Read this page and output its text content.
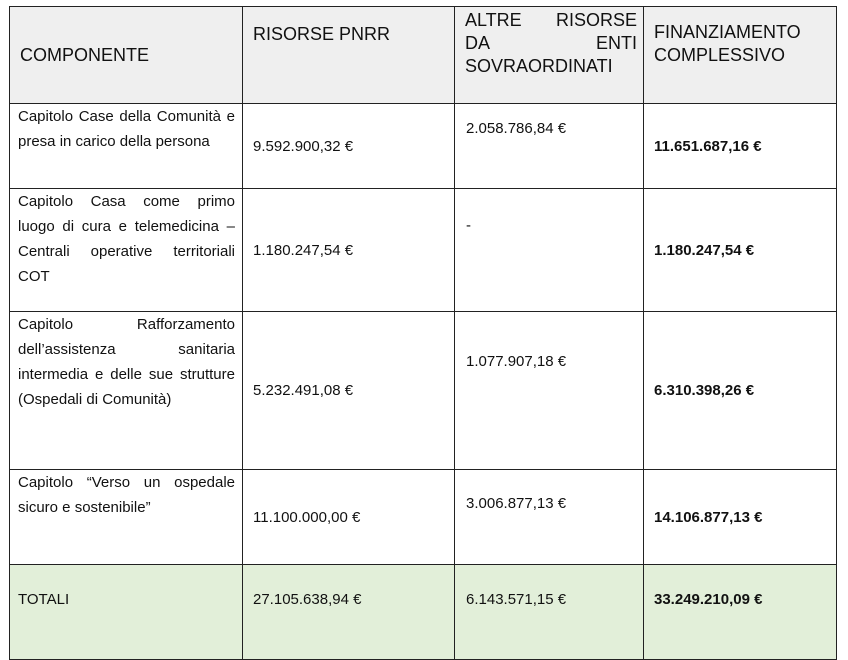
COMPONENTE	RISORSE PNRR	ALTRE RISORSE DA ENTI SOVRAORDINATI	FINANZIAMENTO COMPLESSIVO
Capitolo Case della Comunità e presa in carico della persona	9.592.900,32 €	2.058.786,84 €	11.651.687,16 €
Capitolo Casa come primo luogo di cura e telemedicina – Centrali operative territoriali COT	1.180.247,54 €	-	1.180.247,54 €
Capitolo Rafforzamento dell’assistenza sanitaria intermedia e delle sue strutture (Ospedali di Comunità)	5.232.491,08 €	1.077.907,18 €	6.310.398,26 €
Capitolo “Verso un ospedale sicuro e sostenibile”	11.100.000,00 €	3.006.877,13 €	14.106.877,13 €
TOTALI	27.105.638,94 €	6.143.571,15 €	33.249.210,09 €
